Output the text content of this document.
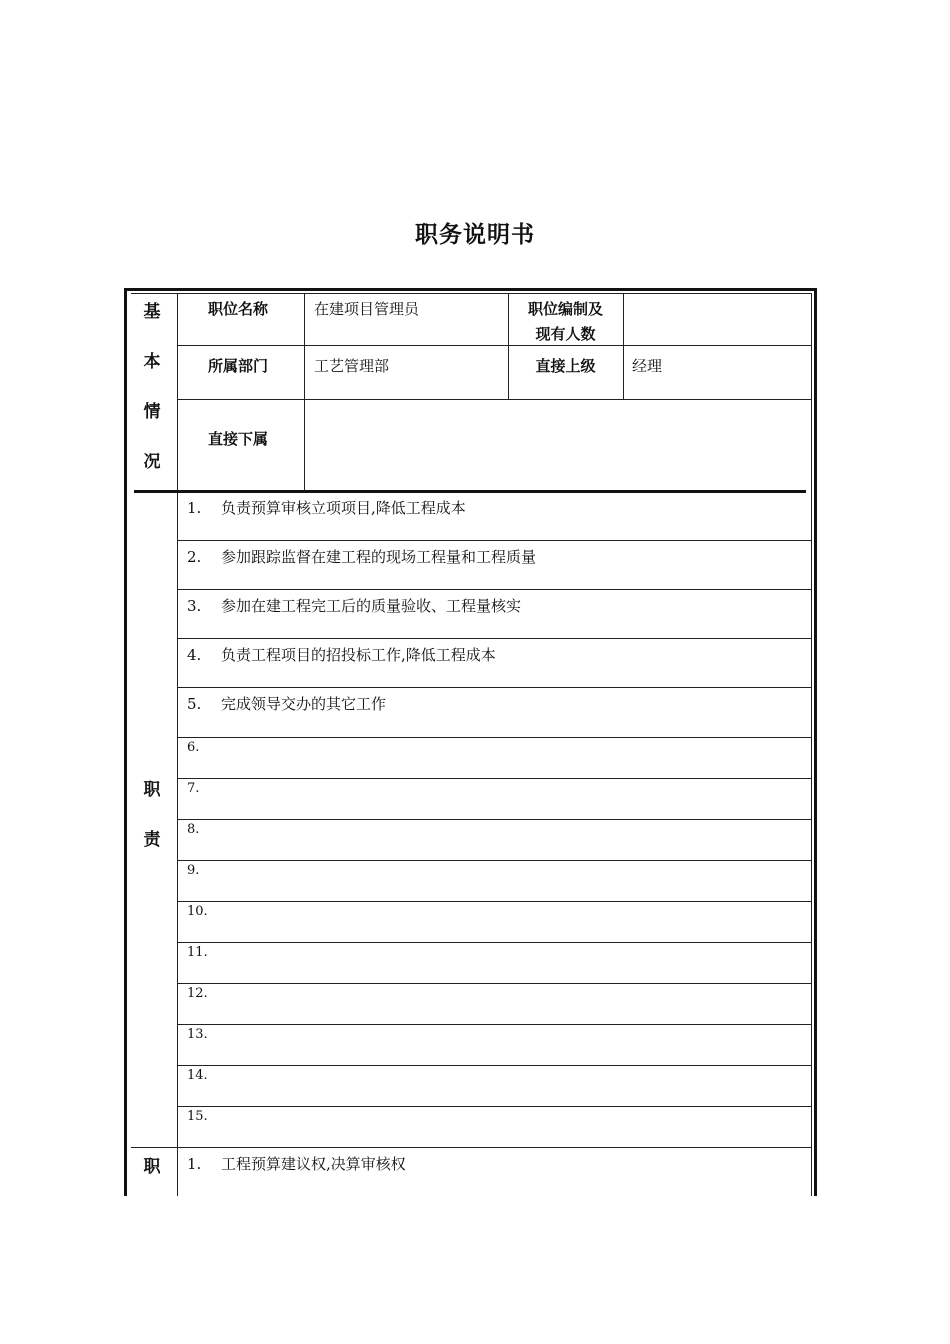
职务说明书
基
本
情
况
职位名称	在建项目管理员	职位编制及
现有人数
所属部门	工艺管理部	直接上级	经理
直接下属
职
责
1. 负责预算审核立项项目,降低工程成本
2. 参加跟踪监督在建工程的现场工程量和工程质量
3. 参加在建工程完工后的质量验收、工程量核实
4. 负责工程项目的招投标工作,降低工程成本
5. 完成领导交办的其它工作
6.
7.
8.
9.
10.
11.
12.
13.
14.
15.
职	1. 工程预算建议权,决算审核权
